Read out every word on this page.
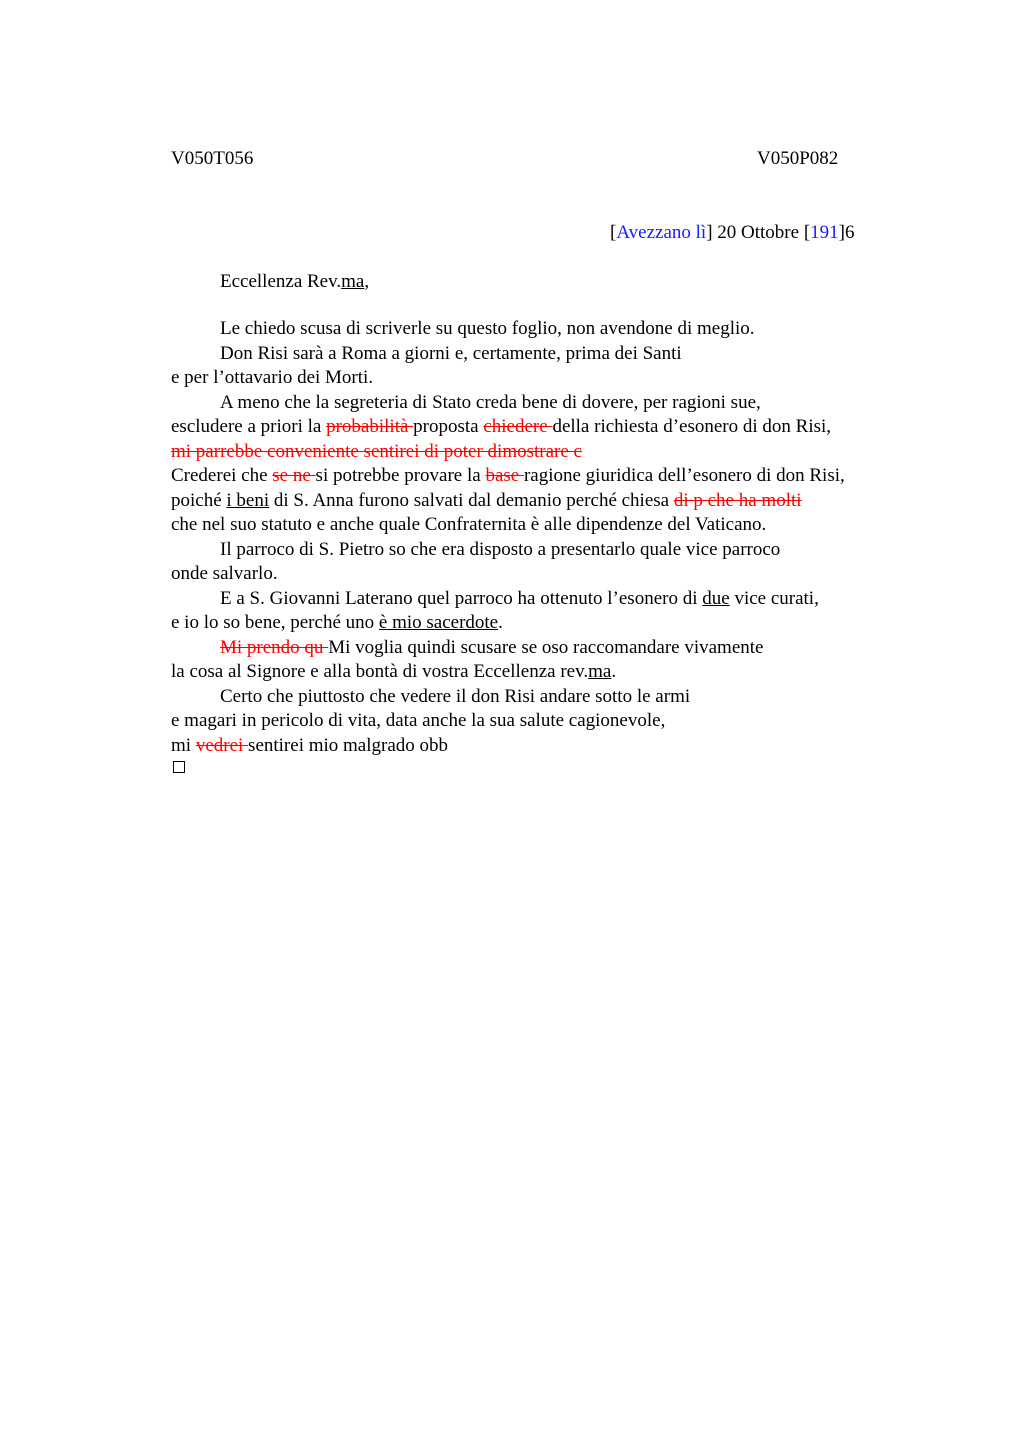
V050T056	V050P082
[Avezzano lì] 20 Ottobre [191]6
Eccellenza Rev.ma,
Le chiedo scusa di scriverle su questo foglio, non avendone di meglio.
Don Risi sarà a Roma a giorni e, certamente, prima dei Santi
e per l’ottavario dei Morti.
A meno che la segreteria di Stato creda bene di dovere, per ragioni sue,
escludere a priori la probabilità proposta chiedere della richiesta d’esonero di don Risi,
mi parrebbe conveniente sentirei di poter dimostrare c
Crederei che se ne si potrebbe provare la base ragione giuridica dell’esonero di don Risi,
poiché i beni di S. Anna furono salvati dal demanio perché chiesa di p che ha molti
che nel suo statuto e anche quale Confraternita è alle dipendenze del Vaticano.
Il parroco di S. Pietro so che era disposto a presentarlo quale vice parroco
onde salvarlo.
E a S. Giovanni Laterano quel parroco ha ottenuto l’esonero di due vice curati,
e io lo so bene, perché uno è mio sacerdote.
Mi prendo qu Mi voglia quindi scusare se oso raccomandare vivamente
la cosa al Signore e alla bontà di vostra Eccellenza rev.ma.
Certo che piuttosto che vedere il don Risi andare sotto le armi
e magari in pericolo di vita, data anche la sua salute cagionevole,
mi vedrei sentirei mio malgrado obb
